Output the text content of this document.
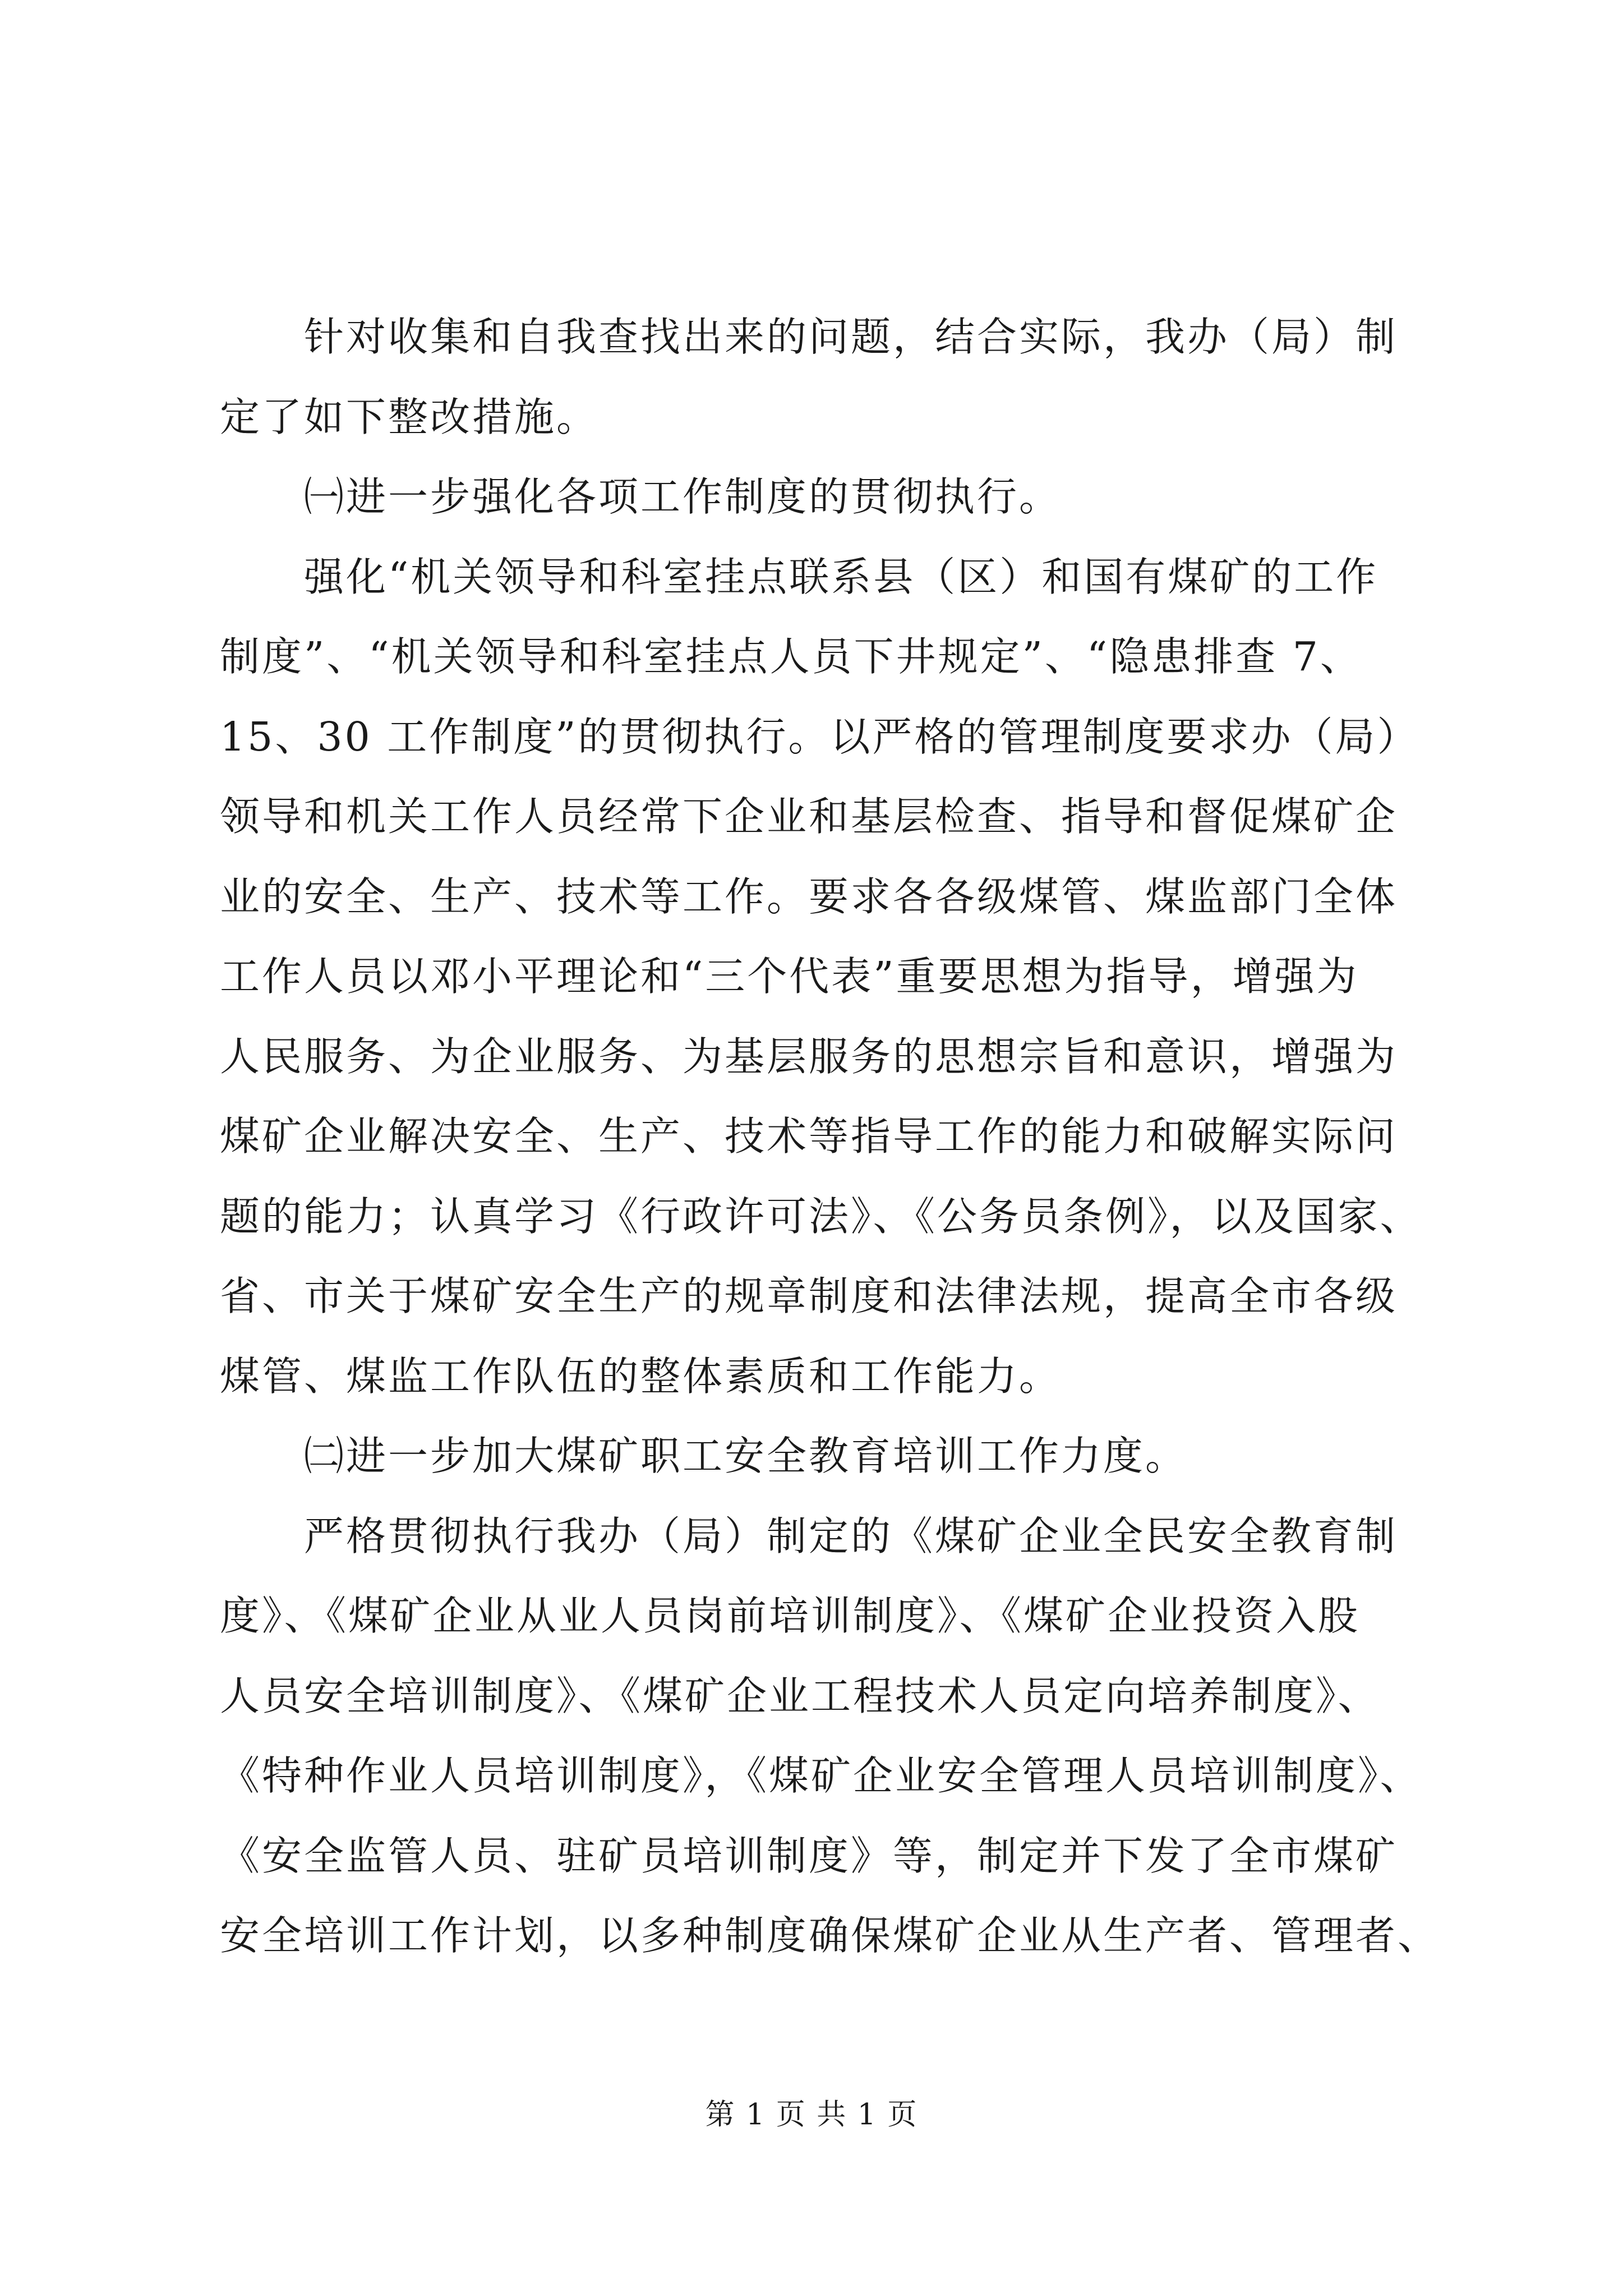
针对收集和自我查找出来的问题，结合实际，我办（局）制
定了如下整改措施。
㈠进一步强化各项工作制度的贯彻执行。
强化“机关领导和科室挂点联系县（区）和国有煤矿的工作
制度”、“机关领导和科室挂点人员下井规定”、“隐患排查 7、
15、30 工作制度”的贯彻执行。以严格的管理制度要求办（局）
领导和机关工作人员经常下企业和基层检查、指导和督促煤矿企
业的安全、生产、技术等工作。要求各各级煤管、煤监部门全体
工作人员以邓小平理论和“三个代表”重要思想为指导，增强为
人民服务、为企业服务、为基层服务的思想宗旨和意识，增强为
煤矿企业解决安全、生产、技术等指导工作的能力和破解实际问
题的能力；认真学习《行政许可法》、《公务员条例》，以及国家、
省、市关于煤矿安全生产的规章制度和法律法规，提高全市各级
煤管、煤监工作队伍的整体素质和工作能力。
㈡进一步加大煤矿职工安全教育培训工作力度。
严格贯彻执行我办（局）制定的《煤矿企业全民安全教育制
度》、《煤矿企业从业人员岗前培训制度》、《煤矿企业投资入股
人员安全培训制度》、《煤矿企业工程技术人员定向培养制度》、
《特种作业人员培训制度》，《煤矿企业安全管理人员培训制度》、
《安全监管人员、驻矿员培训制度》等，制定并下发了全市煤矿
安全培训工作计划，以多种制度确保煤矿企业从生产者、管理者、
第 1 页 共 1 页
